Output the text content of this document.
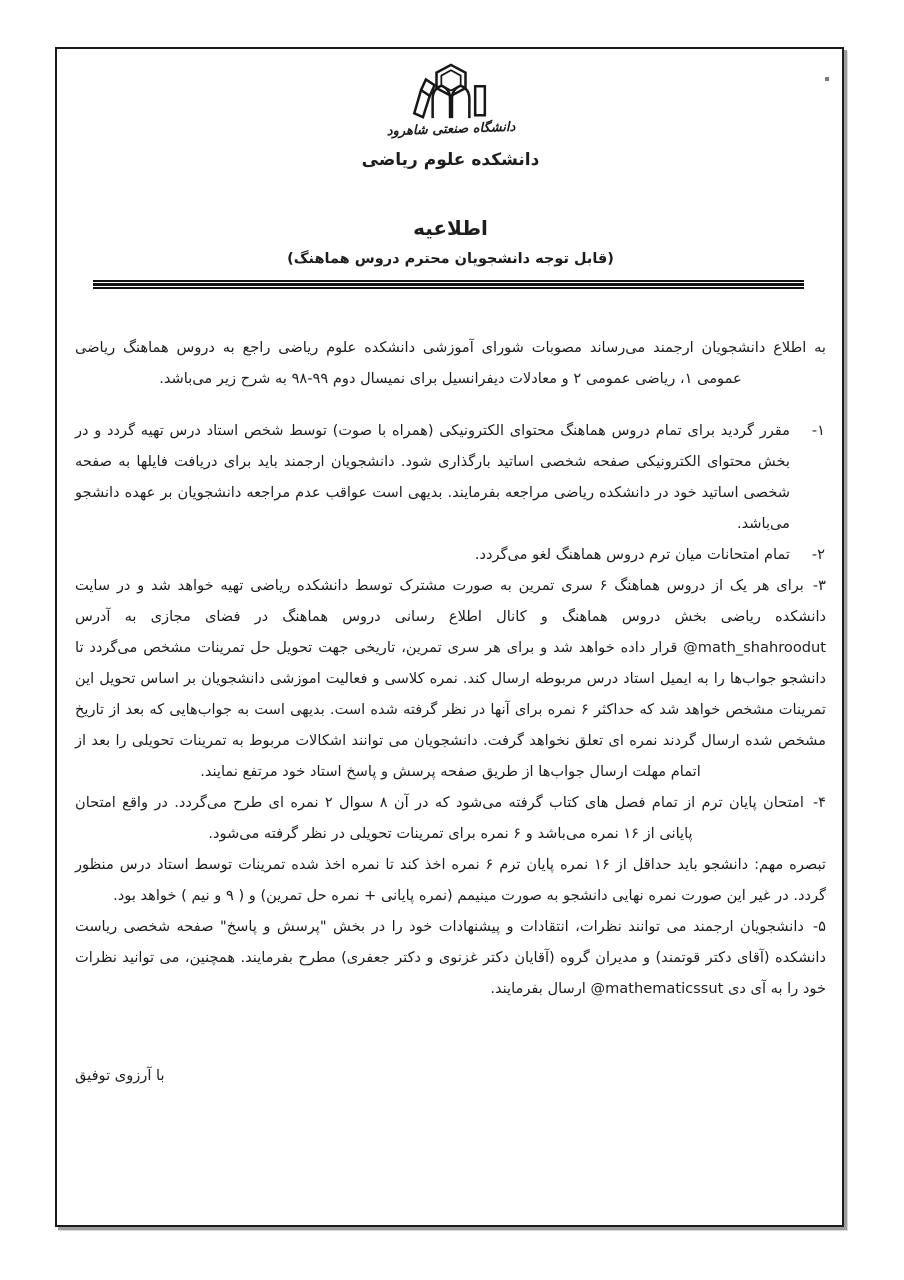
دانشگاه صنعتی شاهرود
دانشکده علوم ریاضی
اطلاعیه
(قابل توجه دانشجویان محترم دروس هماهنگ)

به اطلاع دانشجویان ارجمند می‌رساند مصوبات شورای آموزشی دانشکده علوم ریاضی راجع به دروس هماهنگ ریاضی عمومی ۱، ریاضی عمومی ۲ و معادلات دیفرانسیل برای نمیسال دوم ۹۹-۹۸ به شرح زیر می‌باشد.

۱-
مقرر گردید برای تمام دروس هماهنگ محتوای الکترونیکی (همراه با صوت) توسط شخص استاد درس تهیه گردد و در بخش محتوای الکترونیکی صفحه شخصی اساتید بارگذاری شود. دانشجویان ارجمند باید برای دریافت فایلها به صفحه شخصی اساتید خود در دانشکده ریاضی مراجعه بفرمایند. بدیهی است عواقب عدم مراجعه دانشجویان بر عهده دانشجو می‌باشد.
۲-
تمام امتحانات میان ترم دروس هماهنگ لغو می‌گردد.
۳-برای هر یک از دروس هماهنگ ۶ سری تمرین به صورت مشترک توسط دانشکده ریاضی تهیه خواهد شد و در سایت دانشکده ریاضی بخش دروس هماهنگ و کانال اطلاع رسانی دروس هماهنگ در فضای مجازی به آدرس math_shahroodut@ قرار داده خواهد شد و برای هر سری تمرین، تاریخی جهت تحویل حل تمرینات مشخص می‌گردد تا دانشجو جواب‌ها را به ایمیل استاد درس مربوطه ارسال کند. نمره کلاسی و فعالیت اموزشی دانشجویان بر اساس تحویل این تمرینات مشخص خواهد شد که حداکثر ۶ نمره برای آنها در نظر گرفته شده است. بدیهی است به جواب‌هایی که بعد از تاریخ مشخص شده ارسال گردند نمره ای تعلق نخواهد گرفت. دانشجویان می توانند اشکالات مربوط به تمرینات تحویلی را بعد از اتمام مهلت ارسال جواب‌ها از طریق صفحه پرسش و پاسخ استاد خود مرتفع نمایند.
۴-امتحان پایان ترم از تمام فصل های کتاب گرفته می‌شود که در آن ۸ سوال ۲ نمره ای طرح می‌گردد. در واقع امتحان پایانی از ۱۶ نمره می‌باشد و ۶ نمره برای تمرینات تحویلی در نظر گرفته می‌شود.

تبصره مهم: دانشجو باید حداقل از ۱۶ نمره پایان ترم ۶ نمره اخذ کند تا نمره اخذ شده تمرینات توسط استاد درس منظور گردد. در غیر این صورت نمره نهایی دانشجو به صورت مینیمم (نمره پایانی + نمره حل تمرین) و ( ۹ و نیم ) خواهد بود.

۵-دانشجویان ارجمند می توانند نظرات، انتقادات و پیشنهادات خود را در بخش "پرسش و پاسخ" صفحه شخصی ریاست دانشکده (آقای دکتر قوتمند) و مدیران گروه (آقایان دکتر غزنوی و دکتر جعفری) مطرح بفرمایند. همچنین، می توانید نظرات خود را به آی دی mathematicssut@ ارسال بفرمایند.
با آرزوی توفیق
